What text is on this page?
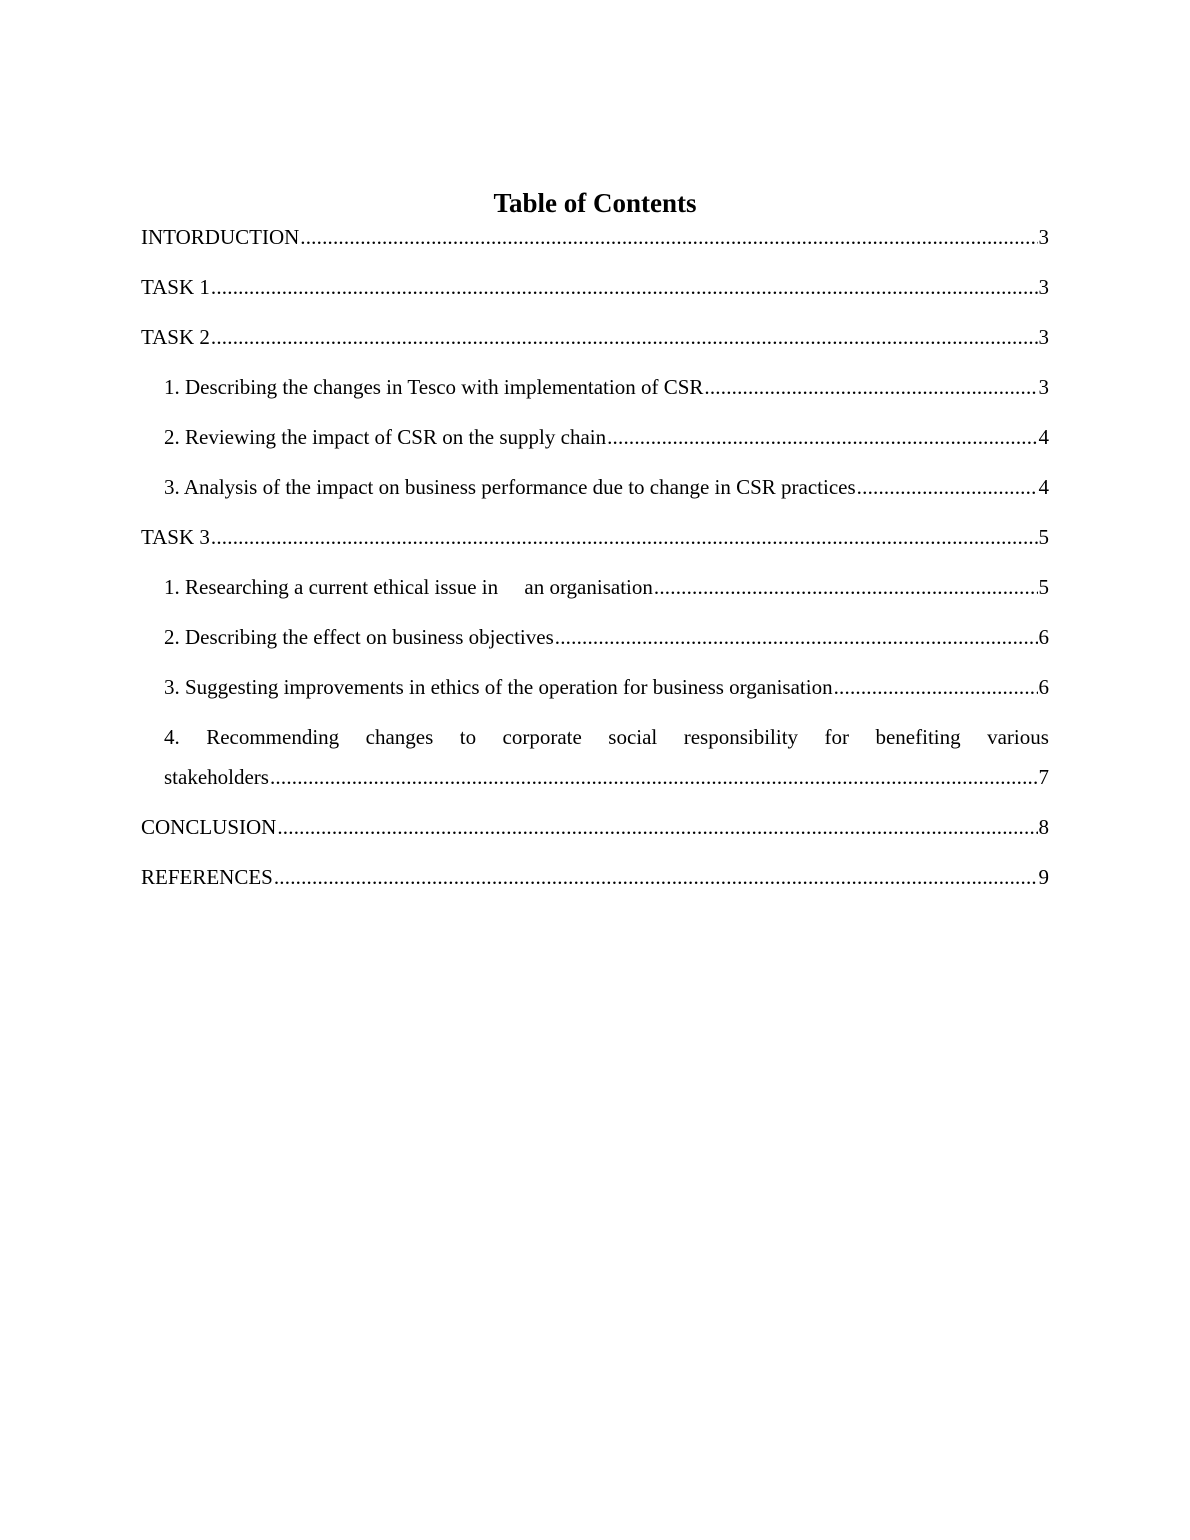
Table of Contents
INTORDUCTION .....	3
TASK 1 .....	3
TASK 2 .....	3
1. Describing the changes in Tesco with implementation of CSR .....	3
2. Reviewing the impact of CSR on the supply chain .....	4
3. Analysis of the impact on business performance due to change in CSR practices .....	4
TASK 3 .....	5
1. Researching a current ethical issue in     an organisation .....	5
2. Describing the effect on business objectives .....	6
3. Suggesting improvements in ethics of the operation for business organisation .....	6
4. Recommending changes to corporate social responsibility for benefiting various
stakeholders .....	7
CONCLUSION .....	8
REFERENCES .....	9
